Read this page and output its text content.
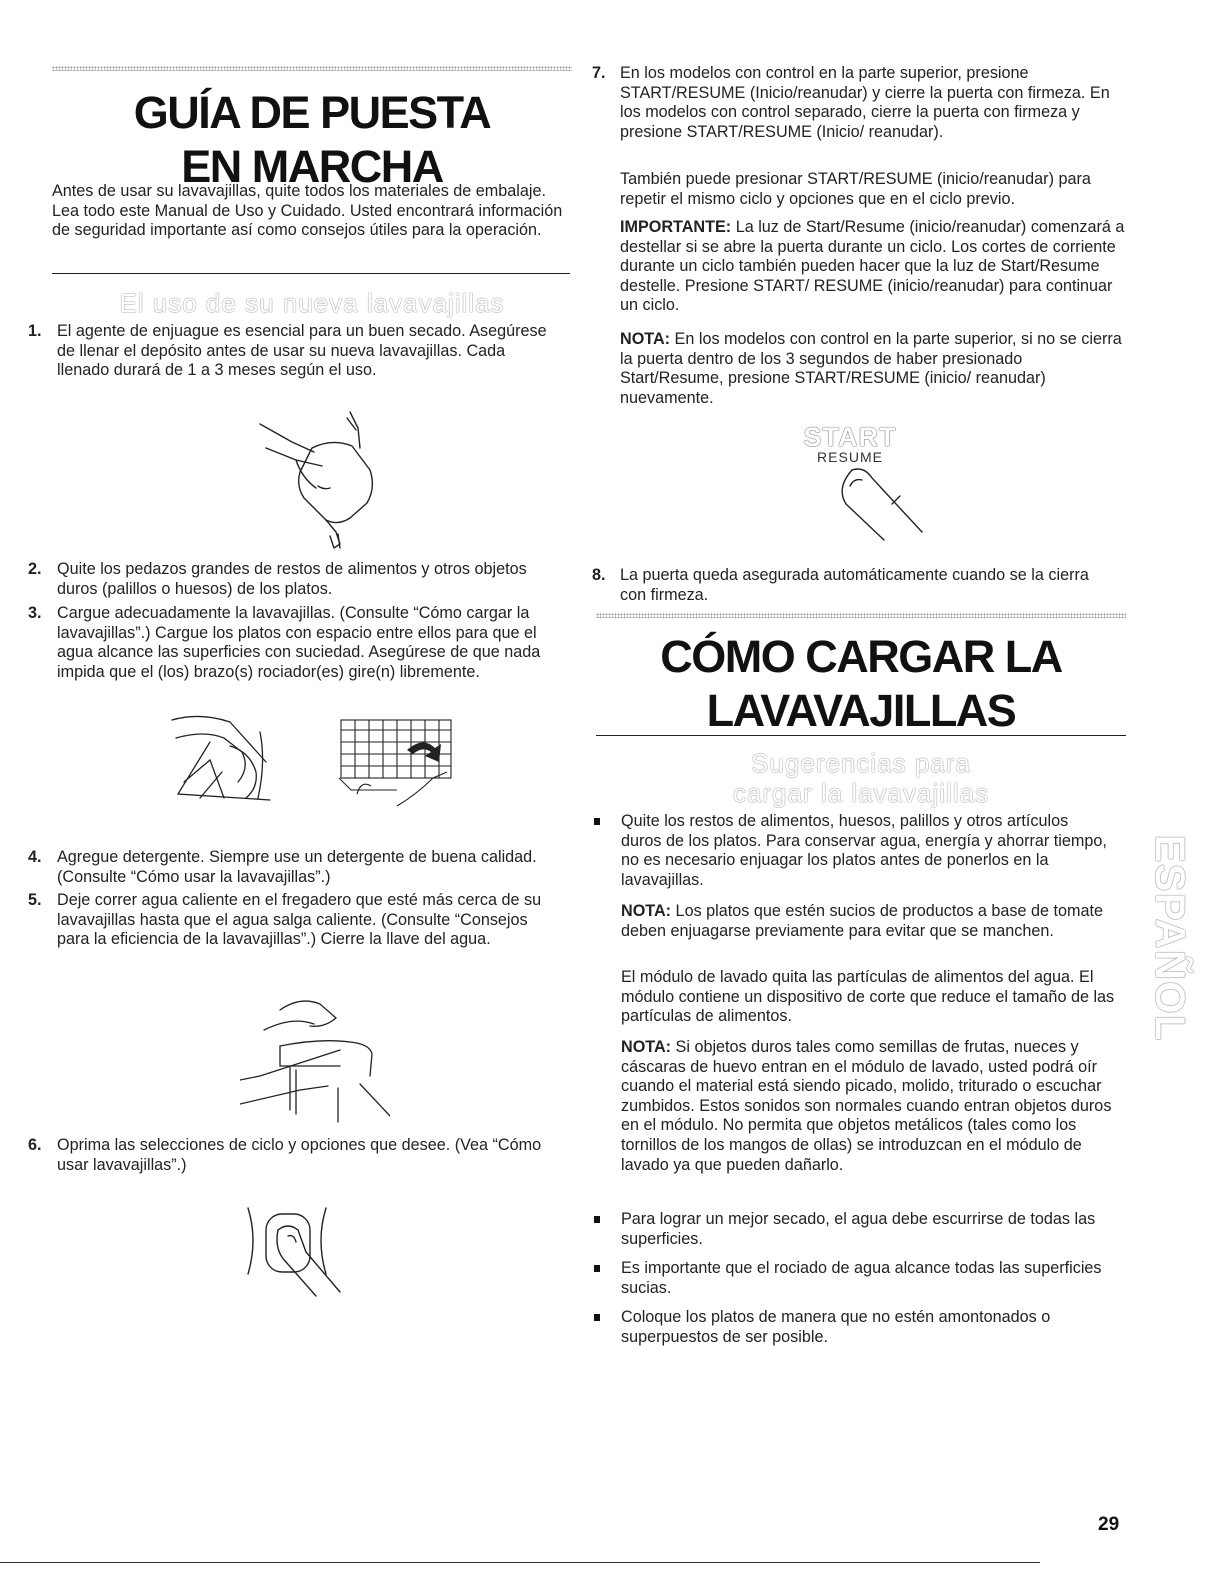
GUÍA DE PUESTA
EN MARCHA

Antes de usar su lavavajillas, quite todos los materiales de embalaje. Lea todo este Manual de Uso y Cuidado. Usted encontrará información de seguridad importante así como consejos útiles para la operación.

El uso de su nueva lavavajillas
1. El agente de enjuague es esencial para un buen secado. Asegúrese de llenar el depósito antes de usar su nueva lavavajillas. Cada llenado durará de 1 a 3 meses según el uso.

2. Quite los pedazos grandes de restos de alimentos y otros objetos duros (palillos o huesos) de los platos.

3. Cargue adecuadamente la lavavajillas. (Consulte “Cómo cargar la lavavajillas”.) Cargue los platos con espacio entre ellos para que el agua alcance las superficies con suciedad. Asegúrese de que nada impida que el (los) brazo(s) rociador(es) gire(n) libremente.

4. Agregue detergente. Siempre use un detergente de buena calidad. (Consulte “Cómo usar la lavavajillas”.)

5. Deje correr agua caliente en el fregadero que esté más cerca de su lavavajillas hasta que el agua salga caliente. (Consulte “Consejos para la eficiencia de la lavavajillas”.) Cierre la llave del agua.

6. Oprima las selecciones de ciclo y opciones que desee. (Vea “Cómo usar lavavajillas”.)

7. En los modelos con control en la parte superior, presione START/RESUME (Inicio/reanudar) y cierre la puerta con firmeza. En los modelos con control separado, cierre la puerta con firmeza y presione START/RESUME (Inicio/ reanudar).

También puede presionar START/RESUME (inicio/reanudar) para repetir el mismo ciclo y opciones que en el ciclo previo.

IMPORTANTE: La luz de Start/Resume (inicio/reanudar) comenzará a destellar si se abre la puerta durante un ciclo. Los cortes de corriente durante un ciclo también pueden hacer que la luz de Start/Resume destelle. Presione START/ RESUME (inicio/reanudar) para continuar un ciclo.

NOTA: En los modelos con control en la parte superior, si no se cierra la puerta dentro de los 3 segundos de haber presionado Start/Resume, presione START/RESUME (inicio/ reanudar) nuevamente.

START
RESUME
8. La puerta queda asegurada automáticamente cuando se la cierra con firmeza.

CÓMO CARGAR LA
LAVAVAJILLAS
Sugerencias para
cargar la lavavajillas

Quite los restos de alimentos, huesos, palillos y otros artículos duros de los platos. Para conservar agua, energía y ahorrar tiempo, no es necesario enjuagar los platos antes de ponerlos en la lavavajillas.

NOTA: Los platos que estén sucios de productos a base de tomate deben enjuagarse previamente para evitar que se manchen.

El módulo de lavado quita las partículas de alimentos del agua. El módulo contiene un dispositivo de corte que reduce el tamaño de las partículas de alimentos.

NOTA: Si objetos duros tales como semillas de frutas, nueces y cáscaras de huevo entran en el módulo de lavado, usted podrá oír cuando el material está siendo picado, molido, triturado o escuchar zumbidos. Estos sonidos son normales cuando entran objetos duros en el módulo. No permita que objetos metálicos (tales como los tornillos de los mangos de ollas) se introduzcan en el módulo de lavado ya que pueden dañarlo.

Para lograr un mejor secado, el agua debe escurrirse de todas las superficies.

Es importante que el rociado de agua alcance todas las superficies sucias.

Coloque los platos de manera que no estén amontonados o superpuestos de ser posible.

ESPAÑOL
29
